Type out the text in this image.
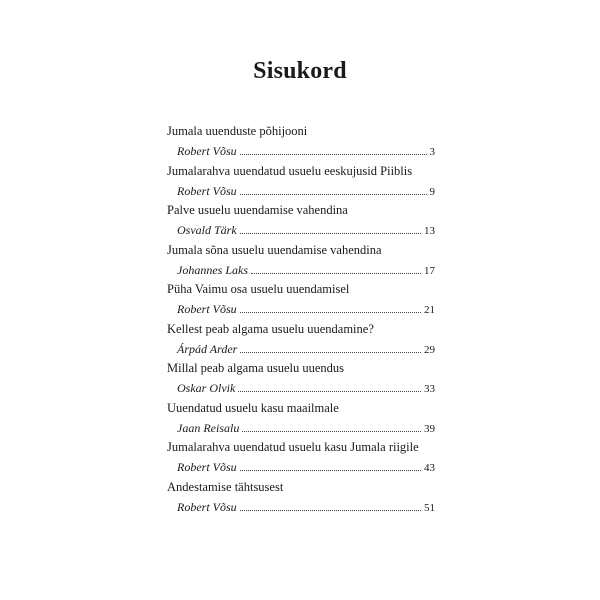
Sisukord
Jumala uuenduste põhijooni
Robert Võsu	3
Jumalarahva uuendatud usuelu eeskujusid Piiblis
Robert Võsu	9
Palve usuelu uuendamise vahendina
Osvald Tärk	13
Jumala sõna usuelu uuendamise vahendina
Johannes Laks	17
Püha Vaimu osa usuelu uuendamisel
Robert Võsu	21
Kellest peab algama usuelu uuendamine?
Árpád Arder	29
Millal peab algama usuelu uuendus
Oskar Olvik	33
Uuendatud usuelu kasu maailmale
Jaan Reisalu	39
Jumalarahva uuendatud usuelu kasu Jumala riigile
Robert Võsu	43
Andestamise tähtsusest
Robert Võsu	51
